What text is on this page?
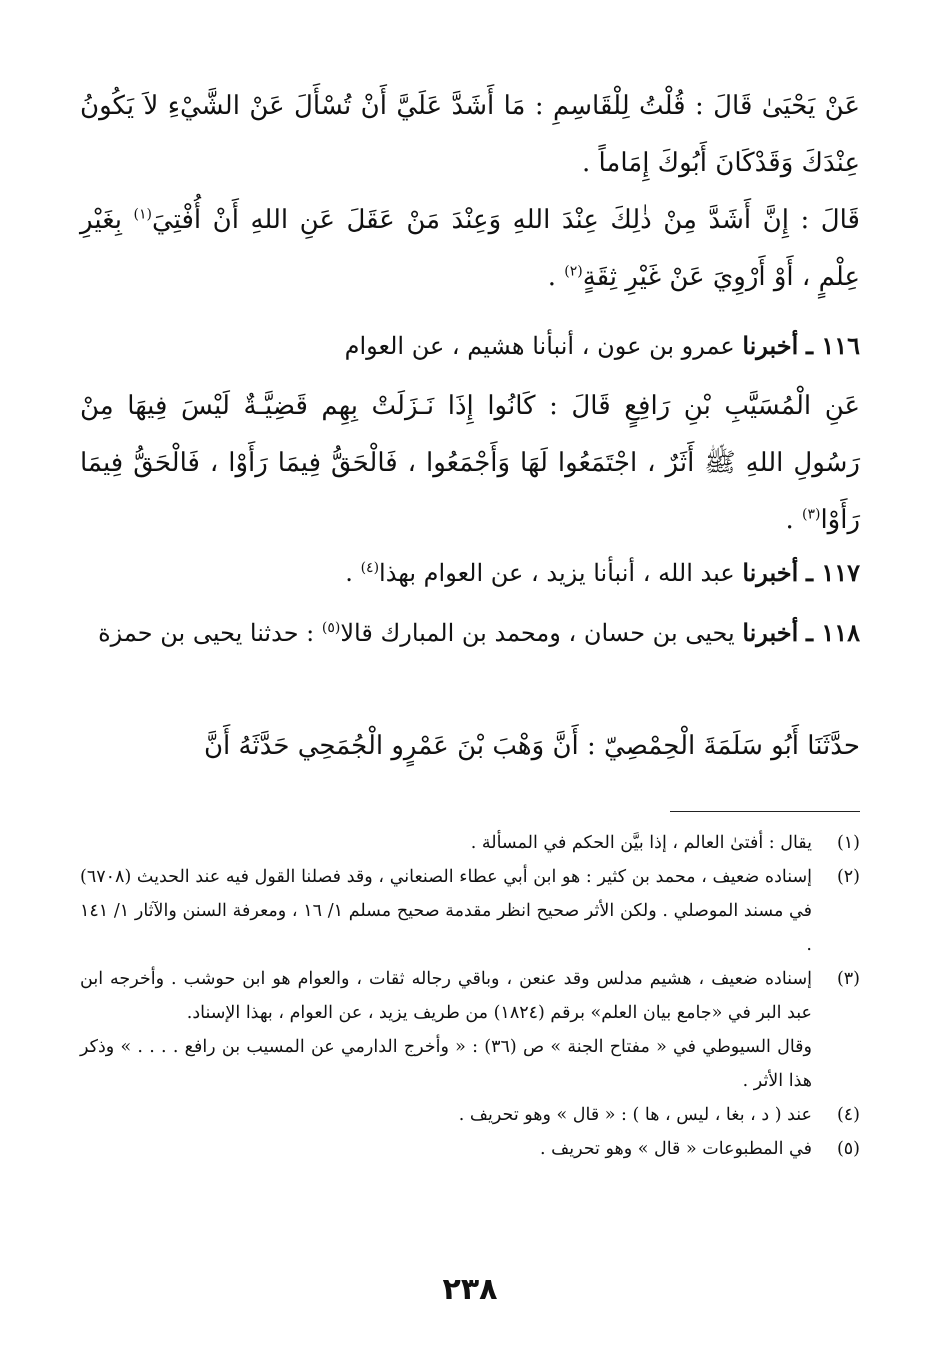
عَنْ يَحْيَىٰ قَالَ : قُلْتُ لِلْقَاسِمِ : مَا أَشَدَّ عَلَيَّ أَنْ تُسْأَلَ عَنْ الشَّيْءِ لاَ يَكُونُ عِنْدَكَ وَقَدْكَانَ أَبُوكَ إِمَاماً .

قَالَ : إِنَّ أَشَدَّ مِنْ ذٰلِكَ عِنْدَ اللهِ وَعِنْدَ مَنْ عَقَلَ عَنِ اللهِ أَنْ أُفْتِيَ$^{(١)}$ بِغَيْرِ عِلْمٍ ، أَوْ أَرْوِيَ عَنْ غَيْرِ ثِقَةٍ$^{(٢)}$ .

١١٦ ـ أخبرنا عمرو بن عون ، أنبأنا هشيم ، عن العوام

عَنِ الْمُسَيَّبِ بْنِ رَافِعٍ قَالَ : كَانُوا إِذَا نَـزَلَتْ بِهِم قَضِيَّـةٌ لَيْسَ فِيهَا مِنْ رَسُولِ اللهِ ﷺ أَثَرٌ ، اجْتَمَعُوا لَهَا وَأَجْمَعُوا ، فَالْحَقُّ فِيمَا رَأَوْا ، فَالْحَقُّ فِيمَا رَأَوْا$^{(٣)}$ .

١١٧ ـ أخبرنا عبد الله ، أنبأنا يزيد ، عن العوام بهذا$^{(٤)}$ .

١١٨ ـ أخبرنا يحيى بن حسان ، ومحمد بن المبارك قالا$^{(٥)}$ : حدثنا يحيى بن حمزة

حدَّثَنَا أَبُو سَلَمَةَ الْحِمْصِيّ : أَنَّ وَهْبَ بْنَ عَمْرٍو الْجُمَحِي حَدَّثَهُ أَنَّ

(١)

يقال : أفتىٰ العالم ، إذا بيَّن الحكم في المسألة .

(٢)

إسناده ضعيف ، محمد بن كثير : هو ابن أبي عطاء الصنعاني ، وقد فصلنا القول فيه عند الحديث (٦٧٠٨) في مسند الموصلي . ولكن الأثر صحيح انظر مقدمة صحيح مسلم ١/ ١٦ ، ومعرفة السنن والآثار ١/ ١٤١ .

(٣)

إسناده ضعيف ، هشيم مدلس وقد عنعن ، وباقي رجاله ثقات ، والعوام هو ابن حوشب . وأخرجه ابن عبد البر في «جامع بيان العلم» برقم (١٨٢٤) من طريف يزيد ، عن العوام ، بهذا الإسناد.

وقال السيوطي في « مفتاح الجنة » ص (٣٦) : « وأخرج الدارمي عن المسيب بن رافع . . . . » وذكر هذا الأثر .

(٤)

عند ( د ، بغا ، ليس ، ها ) : « قال » وهو تحريف .

(٥)

في المطبوعات « قال » وهو تحريف .

٢٣٨
